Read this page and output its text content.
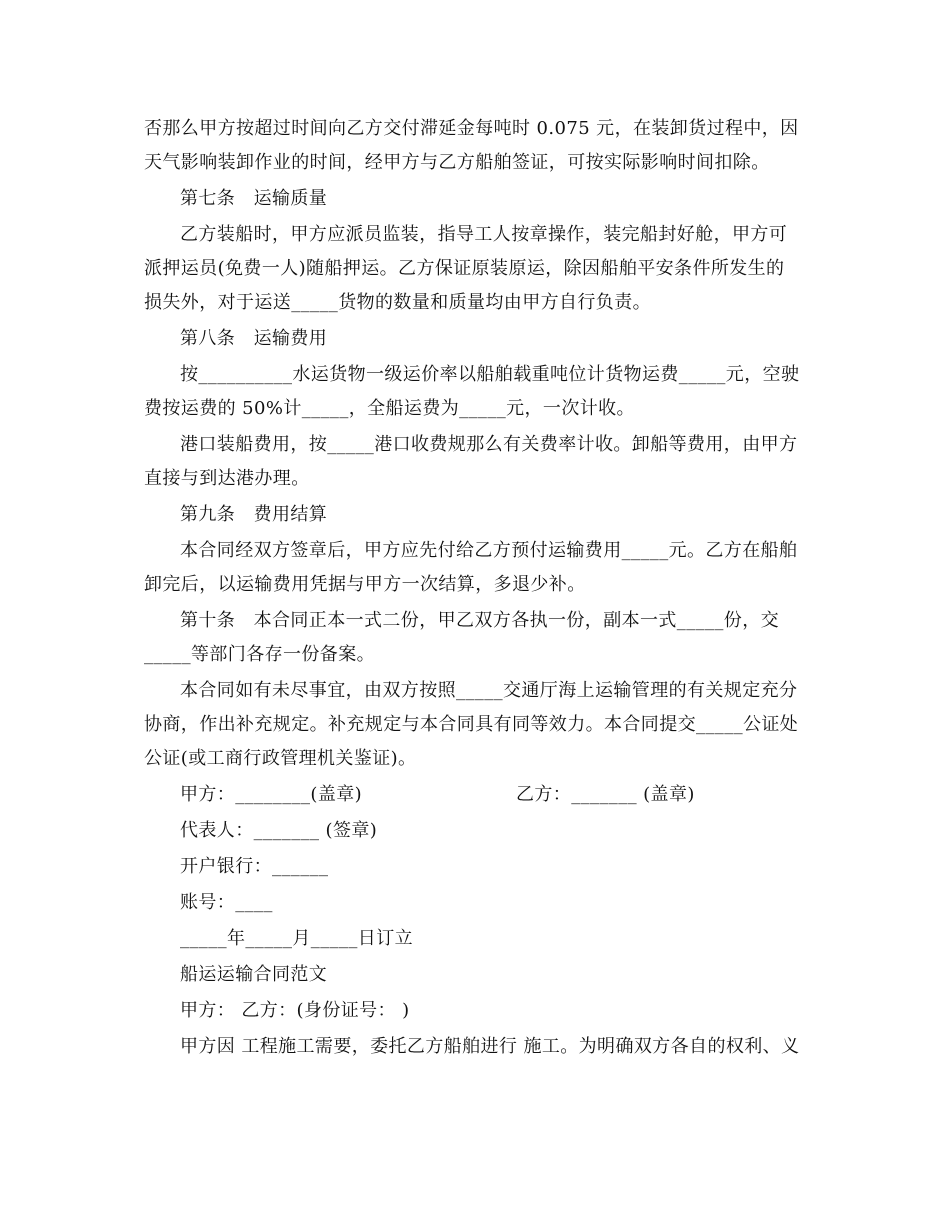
否那么甲方按超过时间向乙方交付滞延金每吨时 0.075 元，在装卸货过程中，因
天气影响装卸作业的时间，经甲方与乙方船舶签证，可按实际影响时间扣除。
第七条　运输质量
乙方装船时，甲方应派员监装，指导工人按章操作，装完船封好舱，甲方可
派押运员(免费一人)随船押运。乙方保证原装原运，除因船舶平安条件所发生的
损失外，对于运送_____货物的数量和质量均由甲方自行负责。
第八条　运输费用
按__________水运货物一级运价率以船舶载重吨位计货物运费_____元，空驶
费按运费的 50%计_____，全船运费为_____元，一次计收。
港口装船费用，按_____港口收费规那么有关费率计收。卸船等费用，由甲方
直接与到达港办理。
第九条　费用结算
本合同经双方签章后，甲方应先付给乙方预付运输费用_____元。乙方在船舶
卸完后，以运输费用凭据与甲方一次结算，多退少补。
第十条　本合同正本一式二份，甲乙双方各执一份，副本一式_____份，交
_____等部门各存一份备案。
本合同如有未尽事宜，由双方按照_____交通厅海上运输管理的有关规定充分
协商，作出补充规定。补充规定与本合同具有同等效力。本合同提交_____公证处
公证(或工商行政管理机关鉴证)。
甲方：________(盖章)	乙方：_______ (盖章)
代表人：_______ (签章)
开户银行：______
账号：____
_____年_____月_____日订立
船运运输合同范文
甲方： 乙方：(身份证号： )
甲方因 工程施工需要，委托乙方船舶进行 施工。为明确双方各自的权利、义
